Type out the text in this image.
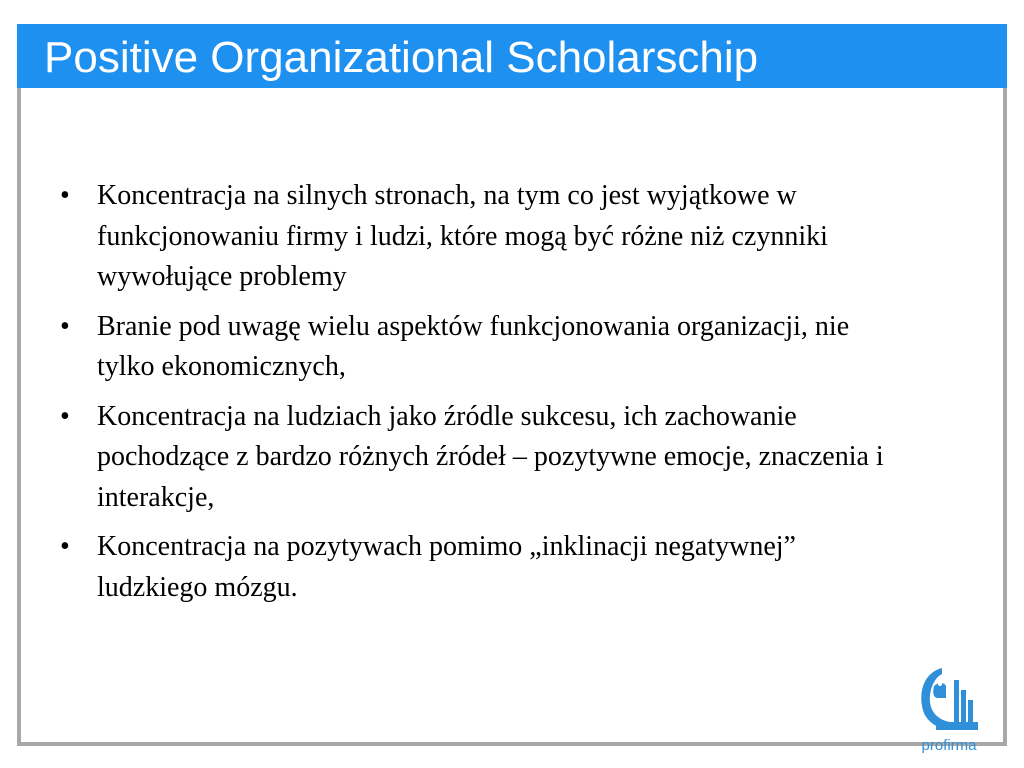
Positive Organizational Scholarschip
• Koncentracja na silnych stronach, na tym co jest wyjątkowe w funkcjonowaniu firmy i ludzi, które mogą być różne niż czynniki wywołujące problemy
• Branie pod uwagę wielu aspektów funkcjonowania organizacji, nie tylko ekonomicznych,
• Koncentracja na ludziach jako źródle sukcesu, ich zachowanie pochodzące z bardzo różnych źródeł – pozytywne emocje, znaczenia i interakcje,
• Koncentracja na pozytywach pomimo „inklinacji negatywnej” ludzkiego mózgu.
profirma
